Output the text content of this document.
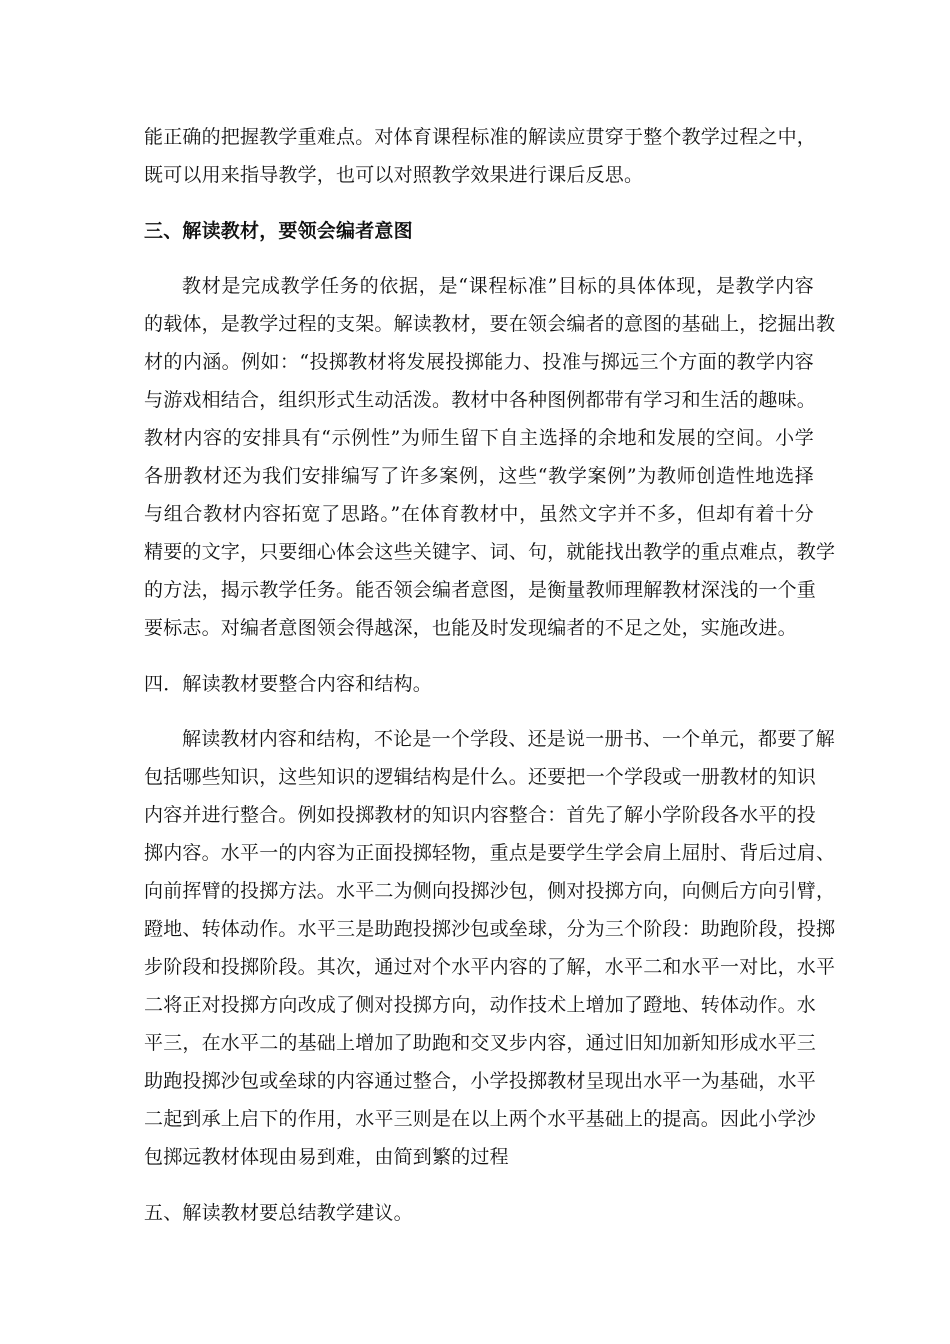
能正确的把握教学重难点。对体育课程标准的解读应贯穿于整个教学过程之中，
既可以用来指导教学，也可以对照教学效果进行课后反思。
三、解读教材，要领会编者意图
教材是完成教学任务的依据，是“课程标准”目标的具体体现，是教学内容
的载体，是教学过程的支架。解读教材，要在领会编者的意图的基础上，挖掘出教
材的内涵。例如：“投掷教材将发展投掷能力、投准与掷远三个方面的教学内容
与游戏相结合，组织形式生动活泼。教材中各种图例都带有学习和生活的趣味。
教材内容的安排具有“示例性”为师生留下自主选择的余地和发展的空间。小学
各册教材还为我们安排编写了许多案例，这些“教学案例”为教师创造性地选择
与组合教材内容拓宽了思路。”在体育教材中，虽然文字并不多，但却有着十分
精要的文字，只要细心体会这些关键字、词、句，就能找出教学的重点难点，教学
的方法，揭示教学任务。能否领会编者意图，是衡量教师理解教材深浅的一个重
要标志。对编者意图领会得越深，也能及时发现编者的不足之处，实施改进。
四．解读教材要整合内容和结构。
解读教材内容和结构，不论是一个学段、还是说一册书、一个单元，都要了解
包括哪些知识，这些知识的逻辑结构是什么。还要把一个学段或一册教材的知识
内容并进行整合。例如投掷教材的知识内容整合：首先了解小学阶段各水平的投
掷内容。水平一的内容为正面投掷轻物，重点是要学生学会肩上屈肘、背后过肩、
向前挥臂的投掷方法。水平二为侧向投掷沙包，侧对投掷方向，向侧后方向引臂，
蹬地、转体动作。水平三是助跑投掷沙包或垒球，分为三个阶段：助跑阶段，投掷
步阶段和投掷阶段。其次，通过对个水平内容的了解，水平二和水平一对比，水平
二将正对投掷方向改成了侧对投掷方向，动作技术上增加了蹬地、转体动作。水
平三，在水平二的基础上增加了助跑和交叉步内容，通过旧知加新知形成水平三
助跑投掷沙包或垒球的内容通过整合，小学投掷教材呈现出水平一为基础，水平
二起到承上启下的作用，水平三则是在以上两个水平基础上的提高。因此小学沙
包掷远教材体现由易到难，由简到繁的过程
五、解读教材要总结教学建议。
